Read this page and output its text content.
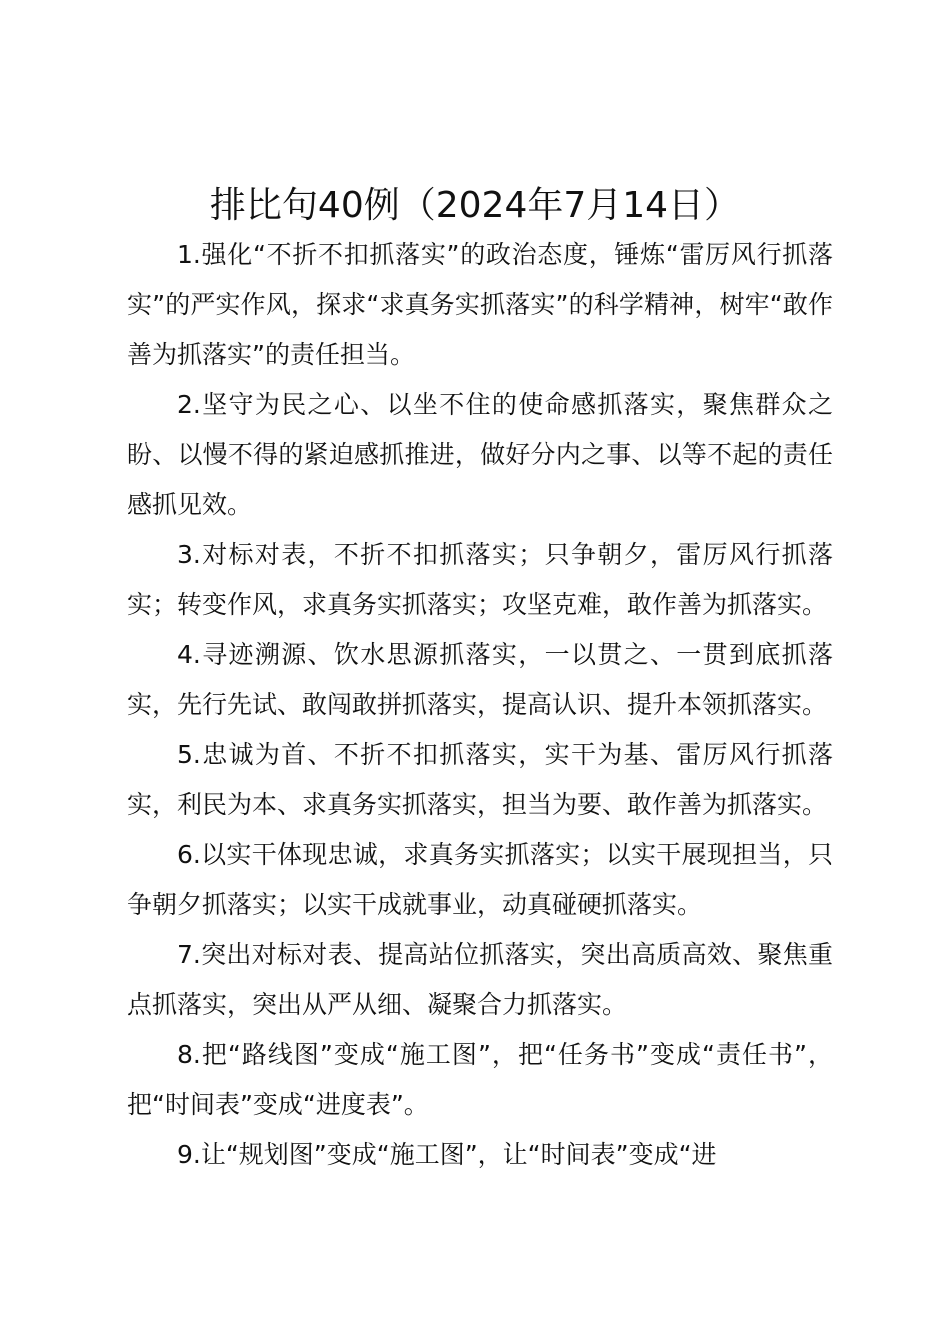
排比句40例（2024年7月14日）

1.强化“不折不扣抓落实”的政治态度，锤炼“雷厉风行抓落实”的严实作风，探求“求真务实抓落实”的科学精神，树牢“敢作善为抓落实”的责任担当。

2.坚守为民之心、以坐不住的使命感抓落实，聚焦群众之盼、以慢不得的紧迫感抓推进，做好分内之事、以等不起的责任感抓见效。

3.对标对表，不折不扣抓落实；只争朝夕，雷厉风行抓落实；转变作风，求真务实抓落实；攻坚克难，敢作善为抓落实。

4.寻迹溯源、饮水思源抓落实，一以贯之、一贯到底抓落实，先行先试、敢闯敢拼抓落实，提高认识、提升本领抓落实。

5.忠诚为首、不折不扣抓落实，实干为基、雷厉风行抓落实，利民为本、求真务实抓落实，担当为要、敢作善为抓落实。

6.以实干体现忠诚，求真务实抓落实；以实干展现担当，只争朝夕抓落实；以实干成就事业，动真碰硬抓落实。

7.突出对标对表、提高站位抓落实，突出高质高效、聚焦重点抓落实，突出从严从细、凝聚合力抓落实。

8.把“路线图”变成“施工图”，把“任务书”变成“责任书”，把“时间表”变成“进度表”。

9.让“规划图”变成“施工图”，让“时间表”变成“进
